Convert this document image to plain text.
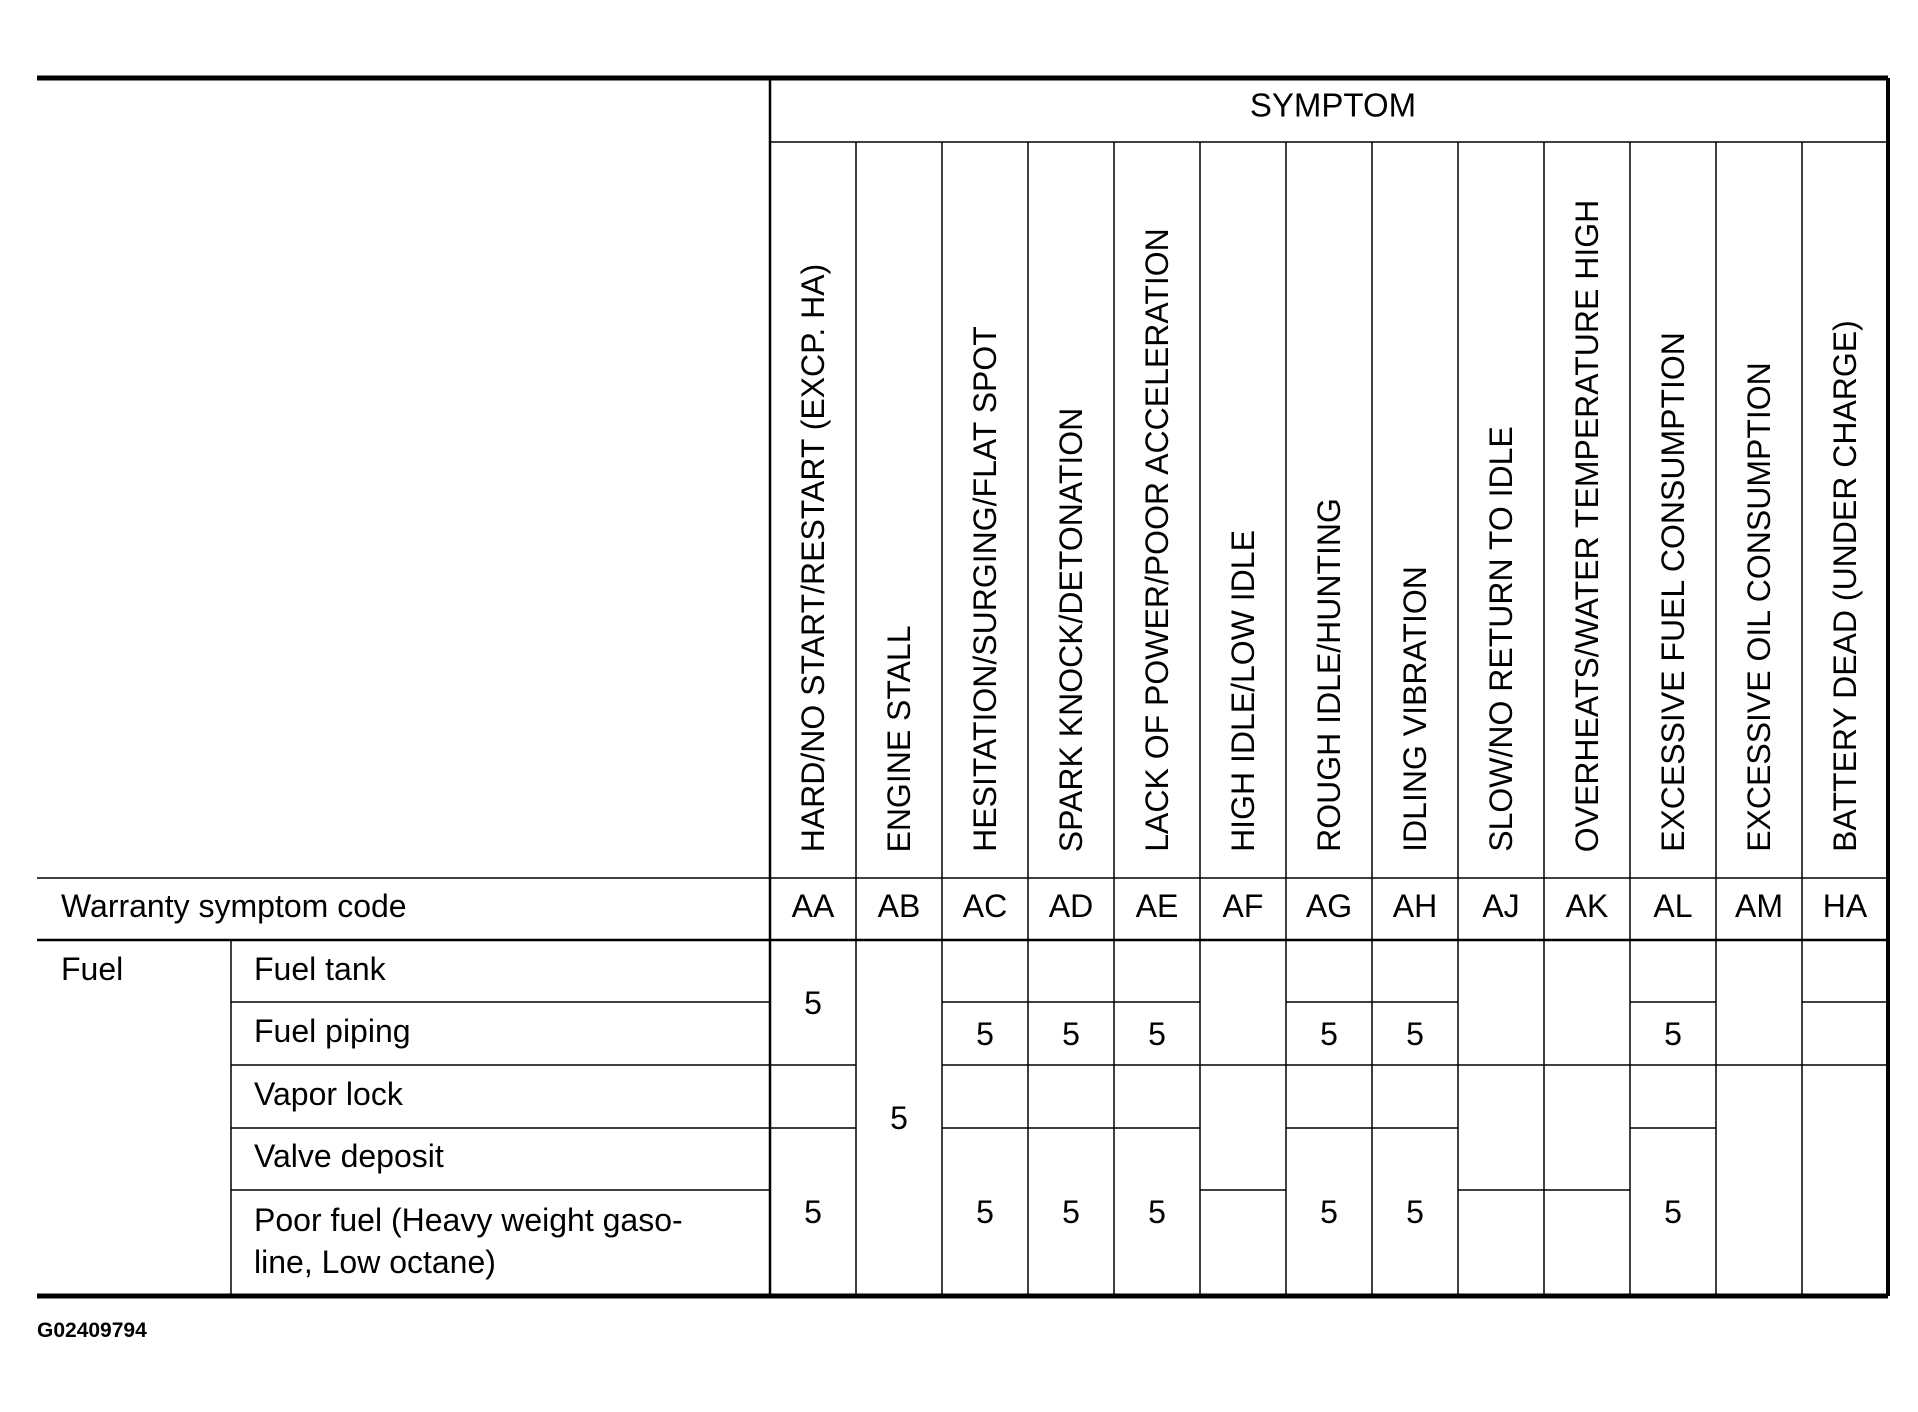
SYMPTOM
HARD/NO START/RESTART (EXCP. HA) ENGINE STALL HESITATION/SURGING/FLAT SPOT SPARK KNOCK/DETONATION LACK OF POWER/POOR ACCELERATION HIGH IDLE/LOW IDLE ROUGH IDLE/HUNTING IDLING VIBRATION SLOW/NO RETURN TO IDLE OVERHEATS/WATER TEMPERATURE HIGH EXCESSIVE FUEL CONSUMPTION EXCESSIVE OIL CONSUMPTION BATTERY DEAD (UNDER CHARGE)
Warranty symptom code	AA AB AC AD AE AF AG AH AJ AK AL AM HA
Fuel	Fuel tank
Fuel piping
Vapor lock
Valve deposit
Poor fuel (Heavy weight gaso-
line, Low octane)
5
5
5
5
5
5
5
5
5
5
5
5
5
5
5
G02409794
